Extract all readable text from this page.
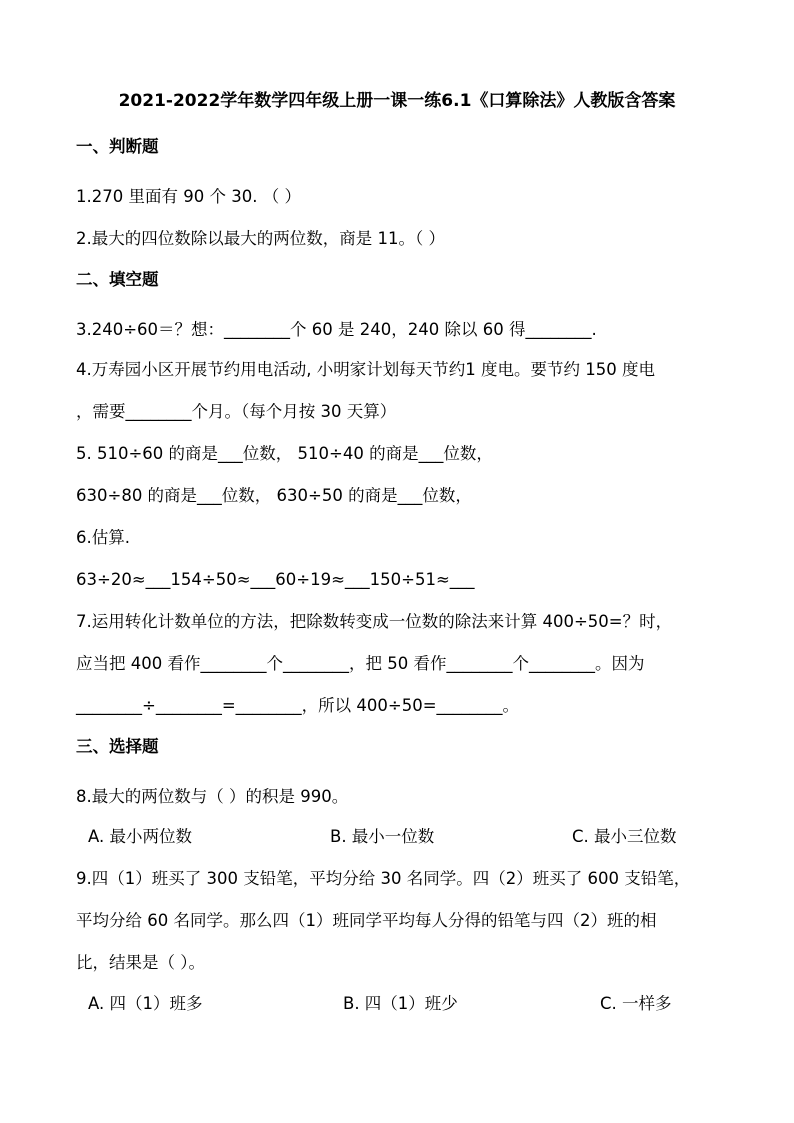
2021-2022学年数学四年级上册一课一练6.1《口算除法》人教版含答案
一、判断题
1.270 里面有 90 个 30. （ ）
2.最大的四位数除以最大的两位数，商是 11。（ ）
二、填空题
3.240÷60＝？想：________个 60 是 240，240 除以 60 得________.
4.万寿园小区开展节约用电活动, 小明家计划每天节约1 度电。要节约 150 度电
，需要________个月。（每个月按 30 天算）
5. 510÷60 的商是___位数， 510÷40 的商是___位数，
630÷80 的商是___位数， 630÷50 的商是___位数，
6.估算.
63÷20≈___154÷50≈___60÷19≈___150÷51≈___
7.运用转化计数单位的方法，把除数转变成一位数的除法来计算 400÷50=？时，
应当把 400 看作________个________，把 50 看作________个________。因为
________÷________=________，所以 400÷50=________。
三、选择题
8.最大的两位数与（ ）的积是 990。
A. 最小两位数	B. 最小一位数	C. 最小三位数
9.四（1）班买了 300 支铅笔，平均分给 30 名同学。四（2）班买了 600 支铅笔，
平均分给 60 名同学。那么四（1）班同学平均每人分得的铅笔与四（2）班的相
比，结果是（ ）。
A. 四（1）班多	B. 四（1）班少	C. 一样多
